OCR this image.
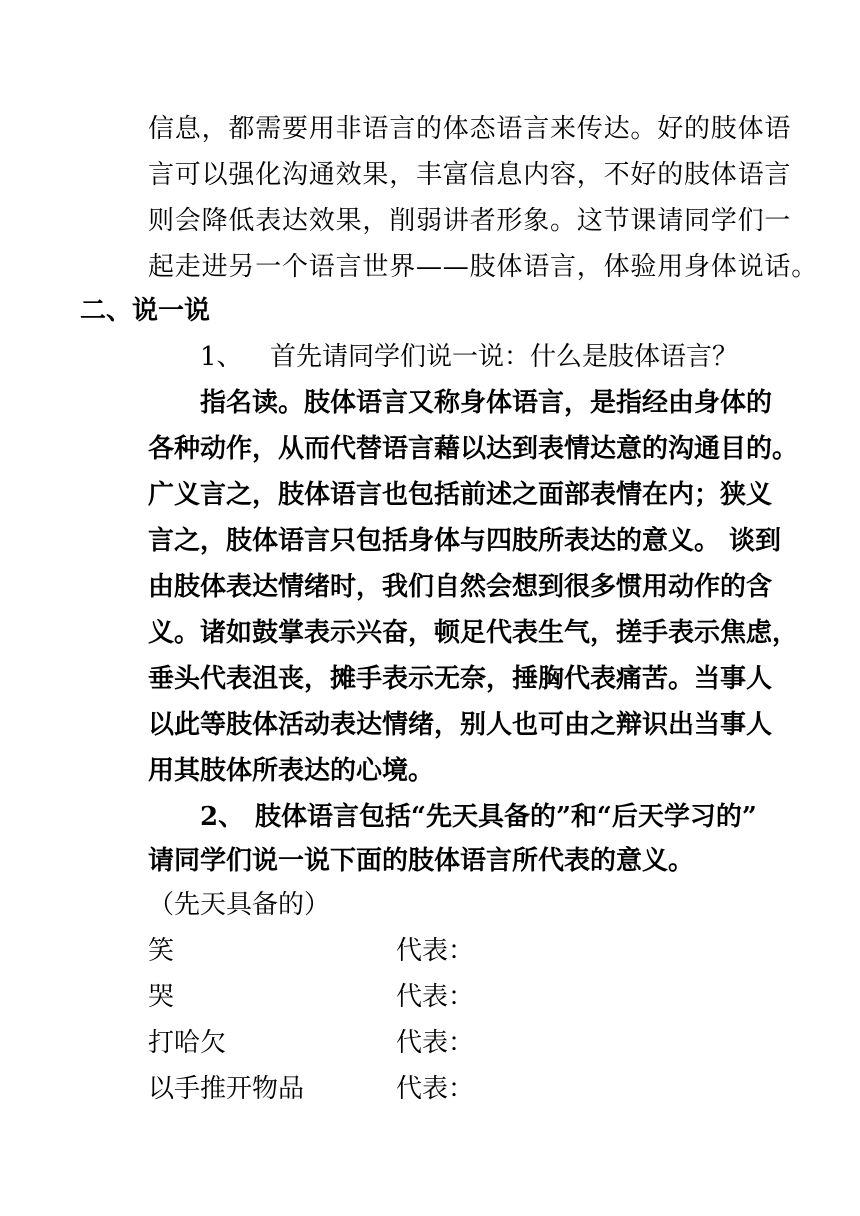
信息，都需要用非语言的体态语言来传达。好的肢体语
言可以强化沟通效果，丰富信息内容，不好的肢体语言
则会降低表达效果，削弱讲者形象。这节课请同学们一
起走进另一个语言世界——肢体语言，体验用身体说话。
二、说一说
1、 首先请同学们说一说：什么是肢体语言？
指名读。肢体语言又称身体语言，是指经由身体的
各种动作，从而代替语言藉以达到表情达意的沟通目的。
广义言之，肢体语言也包括前述之面部表情在内；狭义
言之，肢体语言只包括身体与四肢所表达的意义。 谈到
由肢体表达情绪时，我们自然会想到很多惯用动作的含
义。诸如鼓掌表示兴奋，顿足代表生气，搓手表示焦虑，
垂头代表沮丧，摊手表示无奈，捶胸代表痛苦。当事人
以此等肢体活动表达情绪，别人也可由之辩识出当事人
用其肢体所表达的心境。
2、 肢体语言包括“先天具备的”和“后天学习的”
请同学们说一说下面的肢体语言所代表的意义。
（先天具备的）
笑	代表：
哭	代表：
打哈欠	代表：
以手推开物品	代表：
